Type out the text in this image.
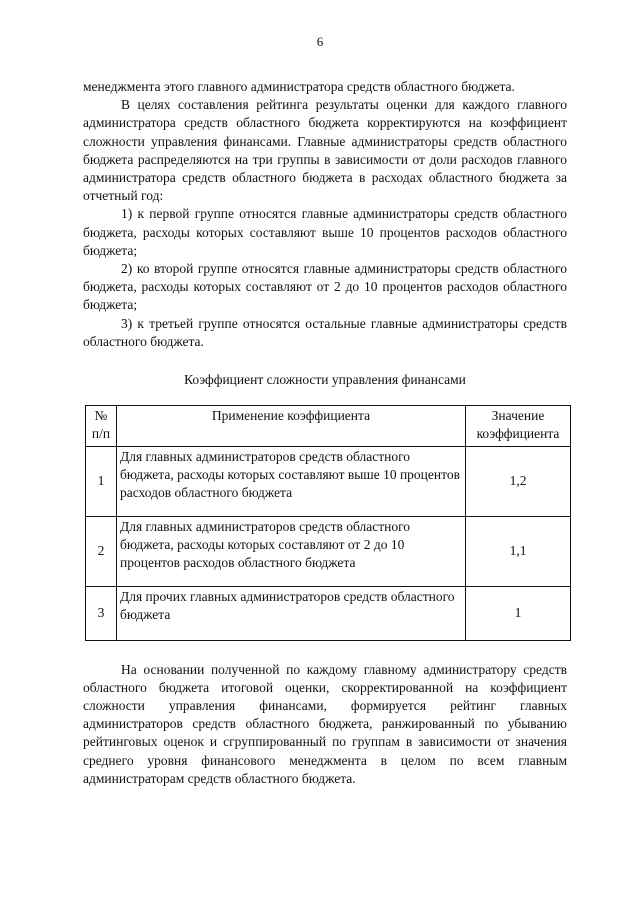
6

менеджмента этого главного администратора средств областного бюджета.

В целях составления рейтинга результаты оценки для каждого главного администратора средств областного бюджета корректируются на коэффициент сложности управления финансами. Главные администраторы средств областного бюджета распределяются на три группы в зависимости от доли расходов главного администратора средств областного бюджета в расходах областного бюджета за отчетный год:

1) к первой группе относятся главные администраторы средств областного бюджета, расходы которых составляют выше 10 процентов расходов областного бюджета;

2) ко второй группе относятся главные администраторы средств областного бюджета, расходы которых составляют от 2 до 10 процентов расходов областного бюджета;

3) к третьей группе относятся остальные главные администраторы средств областного бюджета.

Коэффициент сложности управления финансами

№ п/п	Применение коэффициента	Значение коэффициента
1	Для главных администраторов средств областного бюджета, расходы которых составляют выше 10 процентов расходов областного бюджета	1,2
2	Для главных администраторов средств областного бюджета, расходы которых составляют от 2 до 10 процентов расходов областного бюджета	1,1
3	Для прочих главных администраторов средств областного бюджета	1

На основании полученной по каждому главному администратору средств областного бюджета итоговой оценки, скорректированной на коэффициент сложности управления финансами, формируется рейтинг главных администраторов средств областного бюджета, ранжированный по убыванию рейтинговых оценок и сгруппированный по группам в зависимости от значения среднего уровня финансового менеджмента в целом по всем главным администраторам средств областного бюджета.
